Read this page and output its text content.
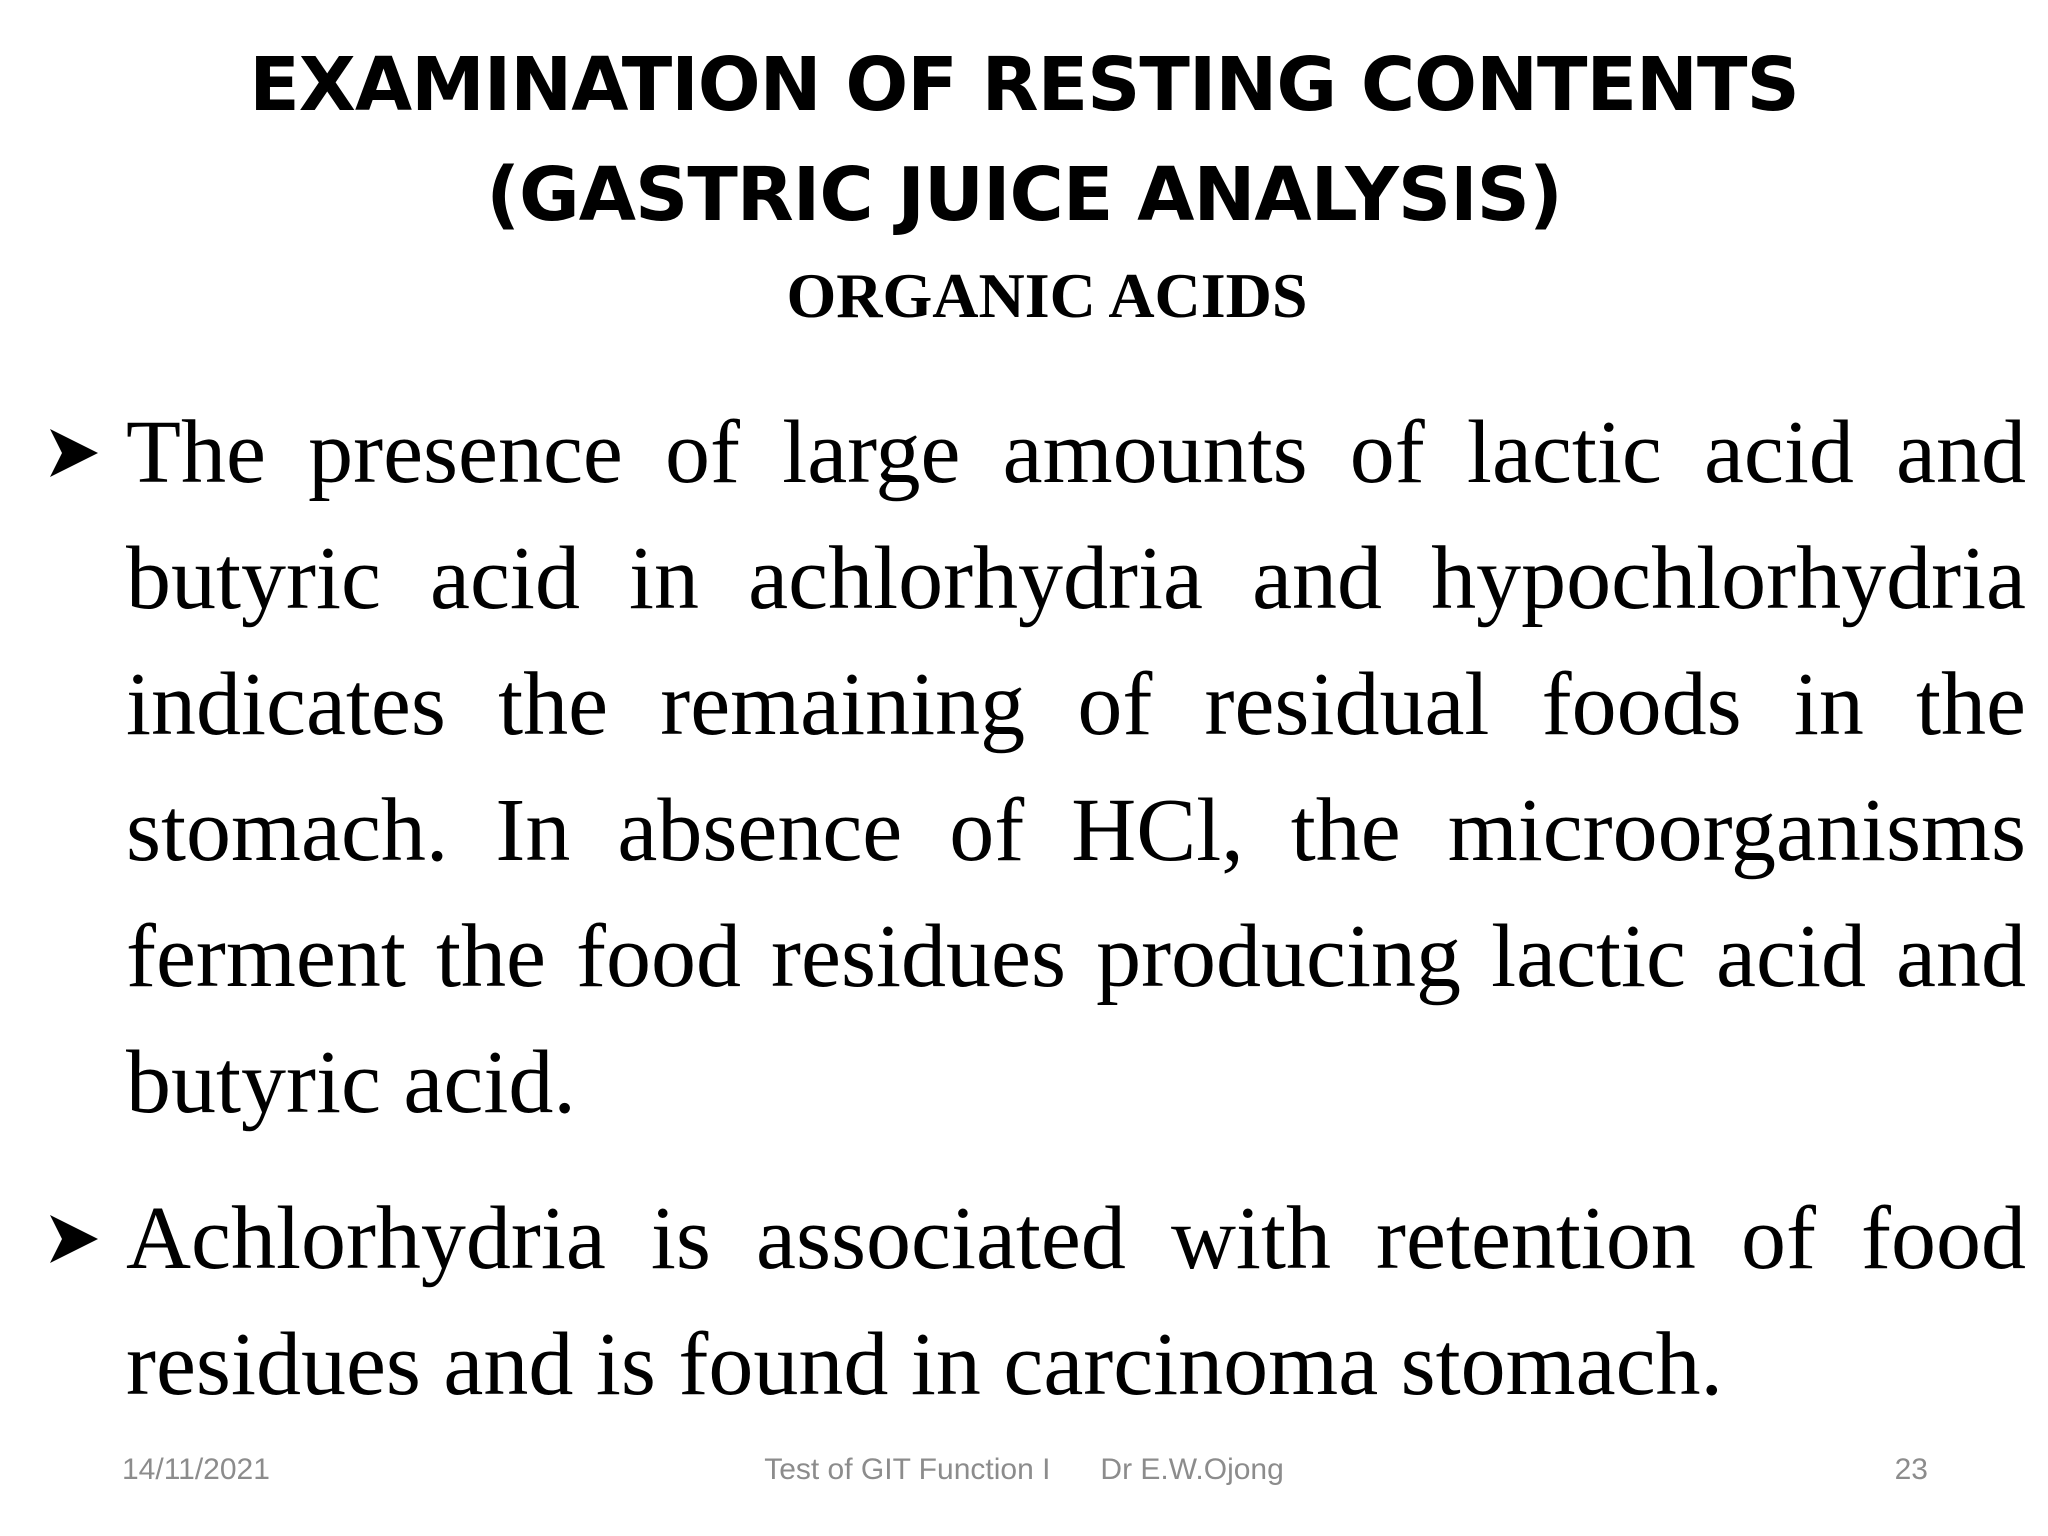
EXAMINATION OF RESTING CONTENTS (GASTRIC JUICE ANALYSIS)
ORGANIC ACIDS
The presence of large amounts of lactic acid and butyric acid in achlorhydria and hypochlorhydria indicates the remaining of residual foods in the stomach. In absence of HCl, the microorganisms ferment the food residues producing lactic acid and butyric acid.
Achlorhydria is associated with retention of food residues and is found in carcinoma stomach.
14/11/2021	Test of GIT Function I Dr E.W.Ojong	23
